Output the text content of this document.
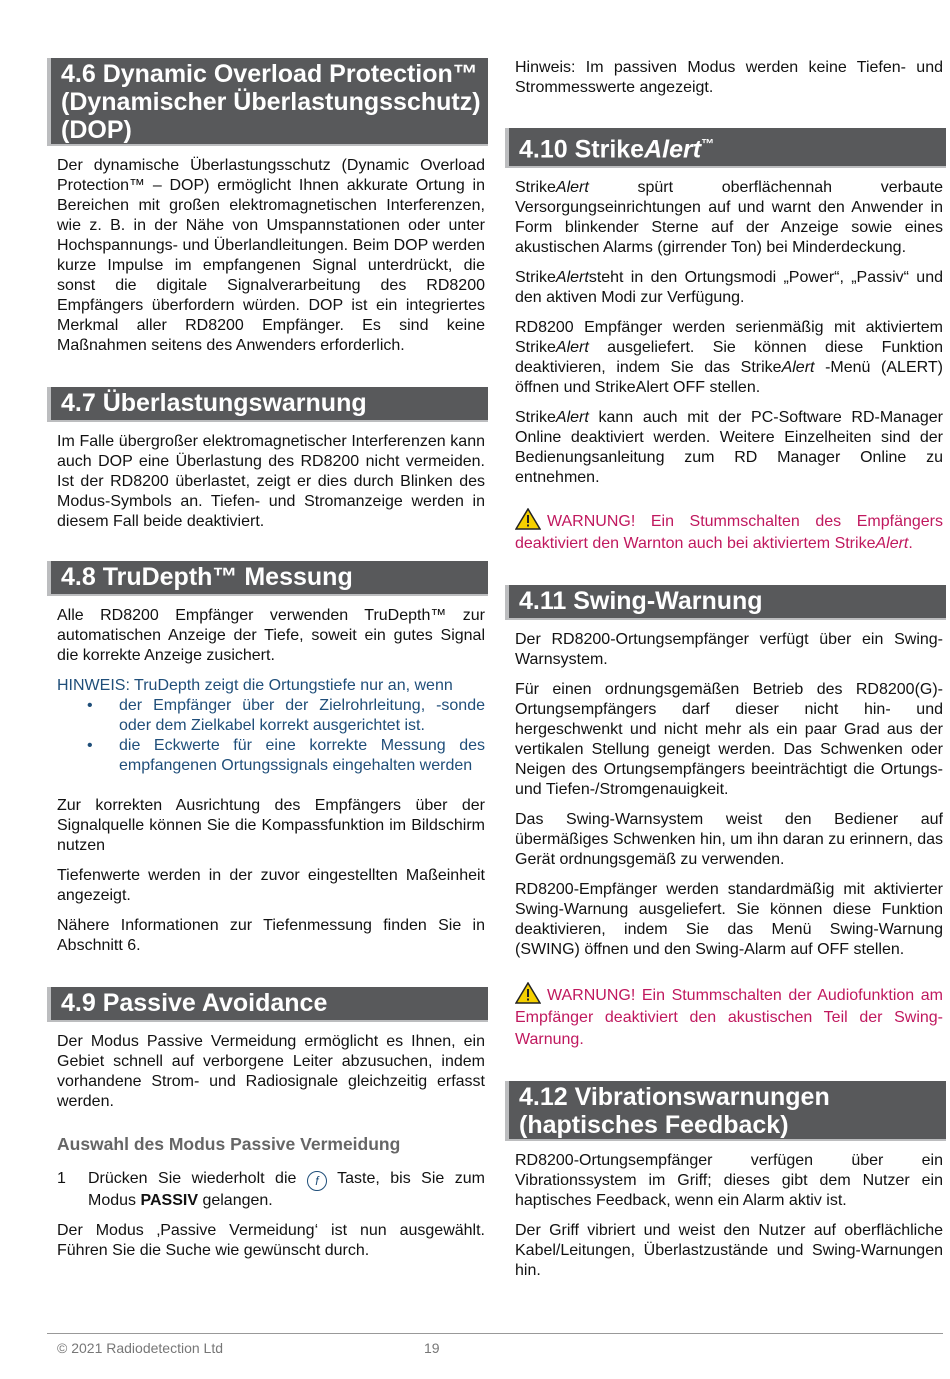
4.6 Dynamic Overload Protection™ (Dynamischer Überlastungsschutz) (DOP)

Der dynamische Überlastungsschutz (Dynamic Overload Protection™ – DOP) ermöglicht Ihnen akkurate Ortung in Bereichen mit großen elektromagnetischen Interferenzen, wie z. B. in der Nähe von Umspannstationen oder unter Hochspannungs- und Überlandleitungen. Beim DOP werden kurze Impulse im empfangenen Signal unterdrückt, die sonst die digitale Signalverarbeitung des RD8200 Empfängers überfordern würden. DOP ist ein integriertes Merkmal aller RD8200 Empfänger. Es sind keine Maßnahmen seitens des Anwenders erforderlich.

4.7 Überlastungswarnung

Im Falle übergroßer elektromagnetischer Interferenzen kann auch DOP eine Überlastung des RD8200 nicht vermeiden. Ist der RD8200 überlastet, zeigt er dies durch Blinken des Modus-Symbols an. Tiefen- und Stromanzeige werden in diesem Fall beide deaktiviert.

4.8 TruDepth™ Messung

Alle RD8200 Empfänger verwenden TruDepth™ zur automatischen Anzeige der Tiefe, soweit ein gutes Signal die korrekte Anzeige zusichert.

HINWEIS: TruDepth zeigt die Ortungstiefe nur an, wenn

• der Empfänger über der Zielrohrleitung, -sonde oder dem Zielkabel korrekt ausgerichtet ist.
• die Eckwerte für eine korrekte Messung des empfangenen Ortungssignals eingehalten werden

Zur korrekten Ausrichtung des Empfängers über der Signalquelle können Sie die Kompassfunktion im Bildschirm nutzen

Tiefenwerte werden in der zuvor eingestellten Maßeinheit angezeigt.

Nähere Informationen zur Tiefenmessung finden Sie in Abschnitt 6.

4.9 Passive Avoidance

Der Modus Passive Vermeidung ermöglicht es Ihnen, ein Gebiet schnell auf verborgene Leiter abzusuchen, indem vorhandene Strom- und Radiosignale gleichzeitig erfasst werden.

Auswahl des Modus Passive Vermeidung

1 Drücken Sie wiederholt die f Taste, bis Sie zum Modus PASSIV gelangen.

Der Modus ‚Passive Vermeidung‘ ist nun ausgewählt. Führen Sie die Suche wie gewünscht durch.

Hinweis: Im passiven Modus werden keine Tiefen- und Strommesswerte angezeigt.

4.10 StrikeAlert™

StrikeAlert spürt oberflächennah verbaute Versorgungseinrichtungen auf und warnt den Anwender in Form blinkender Sterne auf der Anzeige sowie eines akustischen Alarms (girrender Ton) bei Minderdeckung.

StrikeAlertsteht in den Ortungsmodi „Power“, „Passiv“ und den aktiven Modi zur Verfügung.

RD8200 Empfänger werden serienmäßig mit aktiviertem StrikeAlert ausgeliefert. Sie können diese Funktion deaktivieren, indem Sie das StrikeAlert -Menü (ALERT) öffnen und StrikeAlert OFF stellen.

StrikeAlert kann auch mit der PC-Software RD-Manager Online deaktiviert werden. Weitere Einzelheiten sind der Bedienungsanleitung zum RD Manager Online zu entnehmen.

WARNUNG! Ein Stummschalten des Empfängers deaktiviert den Warnton auch bei aktiviertem StrikeAlert.

4.11 Swing-Warnung

Der RD8200-Ortungsempfänger verfügt über ein Swing-Warnsystem.

Für einen ordnungsgemäßen Betrieb des RD8200(G)-Ortungsempfängers darf dieser nicht hin- und hergeschwenkt und nicht mehr als ein paar Grad aus der vertikalen Stellung geneigt werden. Das Schwenken oder Neigen des Ortungsempfängers beeinträchtigt die Ortungs- und Tiefen-/Stromgenauigkeit.

Das Swing-Warnsystem weist den Bediener auf übermäßiges Schwenken hin, um ihn daran zu erinnern, das Gerät ordnungsgemäß zu verwenden.

RD8200-Empfänger werden standardmäßig mit aktivierter Swing-Warnung ausgeliefert. Sie können diese Funktion deaktivieren, indem Sie das Menü Swing-Warnung (SWING) öffnen und den Swing-Alarm auf OFF stellen.

WARNUNG! Ein Stummschalten der Audiofunktion am Empfänger deaktiviert den akustischen Teil der Swing-Warnung.

4.12 Vibrationswarnungen (haptisches Feedback)

RD8200-Ortungsempfänger verfügen über ein Vibrationssystem im Griff; dieses gibt dem Nutzer ein haptisches Feedback, wenn ein Alarm aktiv ist.

Der Griff vibriert und weist den Nutzer auf oberflächliche Kabel/Leitungen, Überlastzustände und Swing-Warnungen hin.

© 2021 Radiodetection Ltd	19
